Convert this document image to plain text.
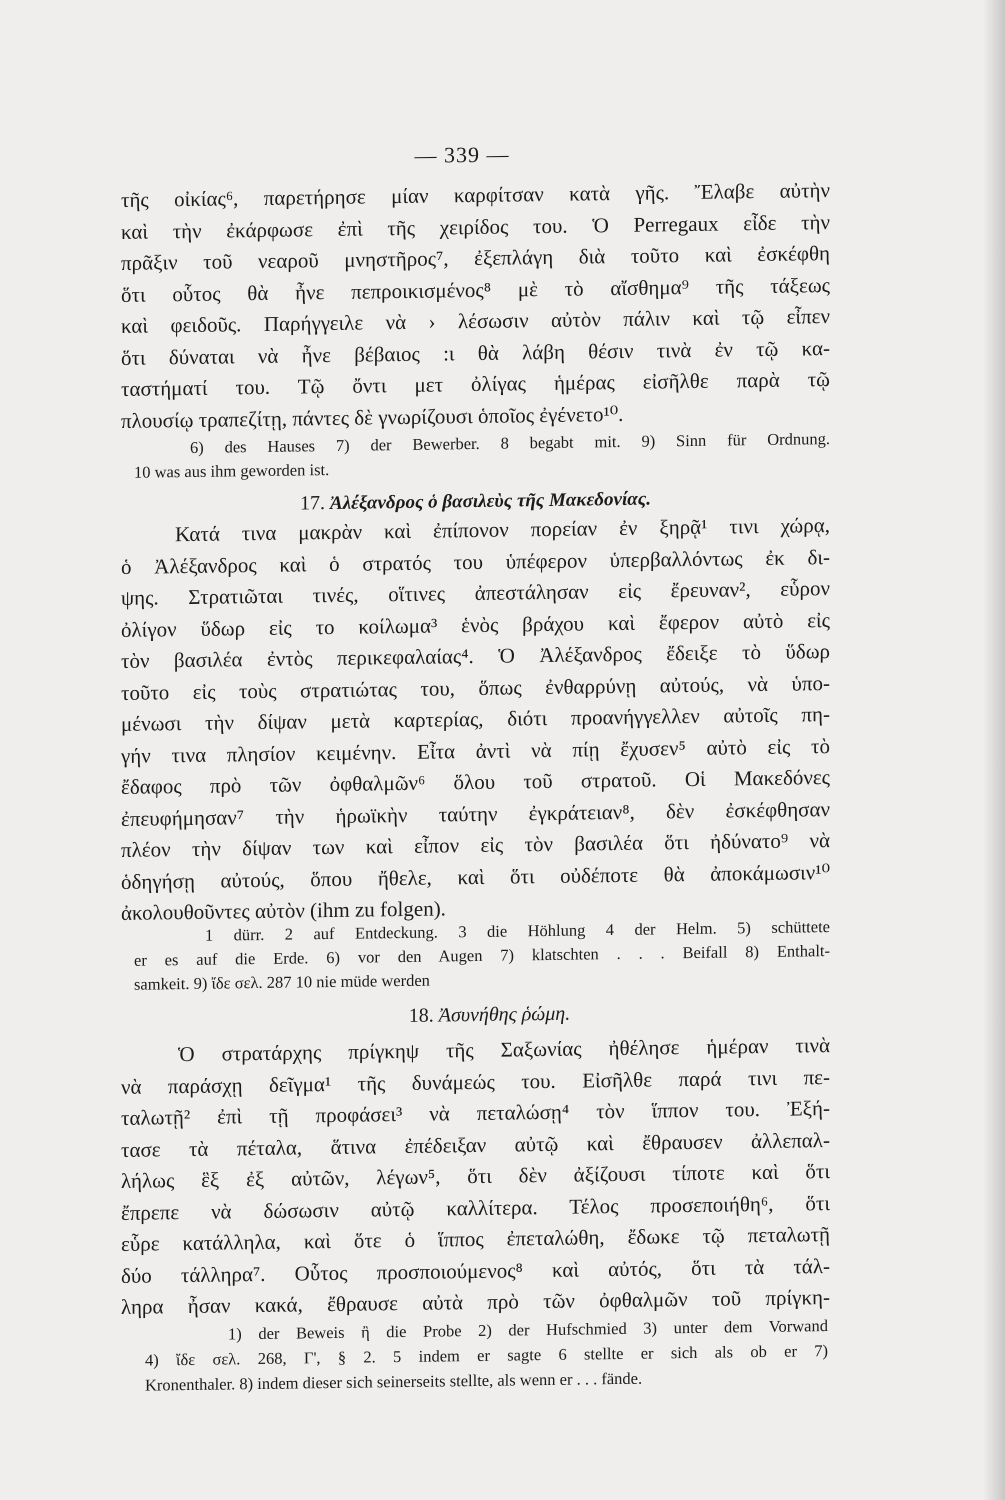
— 339 —
τῆς οἰκίας⁶, παρετήρησε μίαν καρφίτσαν κατὰ γῆς. Ἔλαβε αὐτὴν
καὶ τὴν ἐκάρφωσε ἐπὶ τῆς χειρίδος του. Ὁ Perregaux εἶδε τὴν
πρᾶξιν τοῦ νεαροῦ μνηστῆρος⁷, ἐξεπλάγη διὰ τοῦτο καὶ ἐσκέφθη
ὅτι οὗτος θὰ ἦνε πεπροικισμένος⁸ μὲ τὸ αἴσθημα⁹ τῆς τάξεως
καὶ φειδοῦς. Παρήγγειλε νὰ › λέσωσιν αὐτὸν πάλιν καὶ τῷ εἶπεν
ὅτι δύναται νὰ ἦνε βέβαιος :ι θὰ λάβη θέσιν τινὰ ἐν τῷ κα-
ταστήματί του. Τῷ ὄντι μετ ὀλίγας ἡμέρας εἰσῆλθε παρὰ τῷ
πλουσίῳ τραπεζίτῃ, πάντες δὲ γνωρίζουσι ὁποῖος ἐγένετο¹⁰.
6) des Hauses 7) der Bewerber. 8 begabt mit. 9) Sinn für Ordnung.
10 was aus ihm geworden ist.
17. Ἀλέξανδρος ὁ βασιλεὺς τῆς Μακεδονίας.
Κατά τινα μακρὰν καὶ ἐπίπονον πορείαν ἐν ξηρᾷ¹ τινι χώρᾳ,
ὁ Ἀλέξανδρος καὶ ὁ στρατός του ὑπέφερον ὑπερβαλλόντως ἐκ δι-
ψης. Στρατιῶται τινές, οἵτινες ἀπεστάλησαν εἰς ἔρευναν², εὗρον
ὀλίγον ὕδωρ εἰς το κοίλωμα³ ἑνὸς βράχου καὶ ἔφερον αὐτὸ εἰς
τὸν βασιλέα ἐντὸς περικεφαλαίας⁴. Ὁ Ἀλέξανδρος ἔδειξε τὸ ὕδωρ
τοῦτο εἰς τοὺς στρατιώτας του, ὅπως ἐνθαρρύνῃ αὐτούς, νὰ ὑπο-
μένωσι τὴν δίψαν μετὰ καρτερίας, διότι προανήγγελλεν αὐτοῖς πη-
γήν τινα πλησίον κειμένην. Εἶτα ἀντὶ νὰ πίῃ ἔχυσεν⁵ αὐτὸ εἰς τὸ
ἔδαφος πρὸ τῶν ὀφθαλμῶν⁶ ὅλου τοῦ στρατοῦ. Οἱ Μακεδόνες
ἐπευφήμησαν⁷ τὴν ἡρωϊκὴν ταύτην ἐγκράτειαν⁸, δὲν ἐσκέφθησαν
πλέον τὴν δίψαν των καὶ εἶπον εἰς τὸν βασιλέα ὅτι ἠδύνατο⁹ νὰ
ὁδηγήσῃ αὐτούς, ὅπου ἤθελε, καὶ ὅτι οὐδέποτε θὰ ἀποκάμωσιν¹⁰
ἀκολουθοῦντες αὐτὸν (ihm zu folgen).
1 dürr. 2 auf Entdeckung. 3 die Höhlung 4 der Helm. 5) schüttete
er es auf die Erde. 6) vor den Augen 7) klatschten . . . Beifall 8) Enthalt-
samkeit. 9) ἴδε σελ. 287 10 nie müde werden
18. Ἀσυνήθης ῥώμη.
Ὁ στρατάρχης πρίγκηψ τῆς Σαξωνίας ἠθέλησε ἡμέραν τινὰ
νὰ παράσχῃ δεῖγμα¹ τῆς δυνάμεώς του. Εἰσῆλθε παρά τινι πε-
ταλωτῇ² ἐπὶ τῇ προφάσει³ νὰ πεταλώσῃ⁴ τὸν ἵππον του. Ἐξή-
τασε τὰ πέταλα, ἅτινα ἐπέδειξαν αὐτῷ καὶ ἔθραυσεν ἀλλεπαλ-
λήλως ἓξ ἐξ αὐτῶν, λέγων⁵, ὅτι δὲν ἀξίζουσι τίποτε καὶ ὅτι
ἔπρεπε νὰ δώσωσιν αὐτῷ καλλίτερα. Τέλος προσεποιήθη⁶, ὅτι
εὗρε κατάλληλα, καὶ ὅτε ὁ ἵππος ἐπεταλώθη, ἔδωκε τῷ πεταλωτῇ
δύο τάλληρα⁷. Οὗτος προσποιούμενος⁸ καὶ αὐτός, ὅτι τὰ τάλ-
ληρα ἦσαν κακά, ἔθραυσε αὐτὰ πρὸ τῶν ὀφθαλμῶν τοῦ πρίγκη-
1) der Beweis ἢ die Probe 2) der Hufschmied 3) unter dem Vorwand
4) ἴδε σελ. 268, Γ', § 2. 5 indem er sagte 6 stellte er sich als ob er 7)
Kronenthaler. 8) indem dieser sich seinerseits stellte, als wenn er . . . fände.
